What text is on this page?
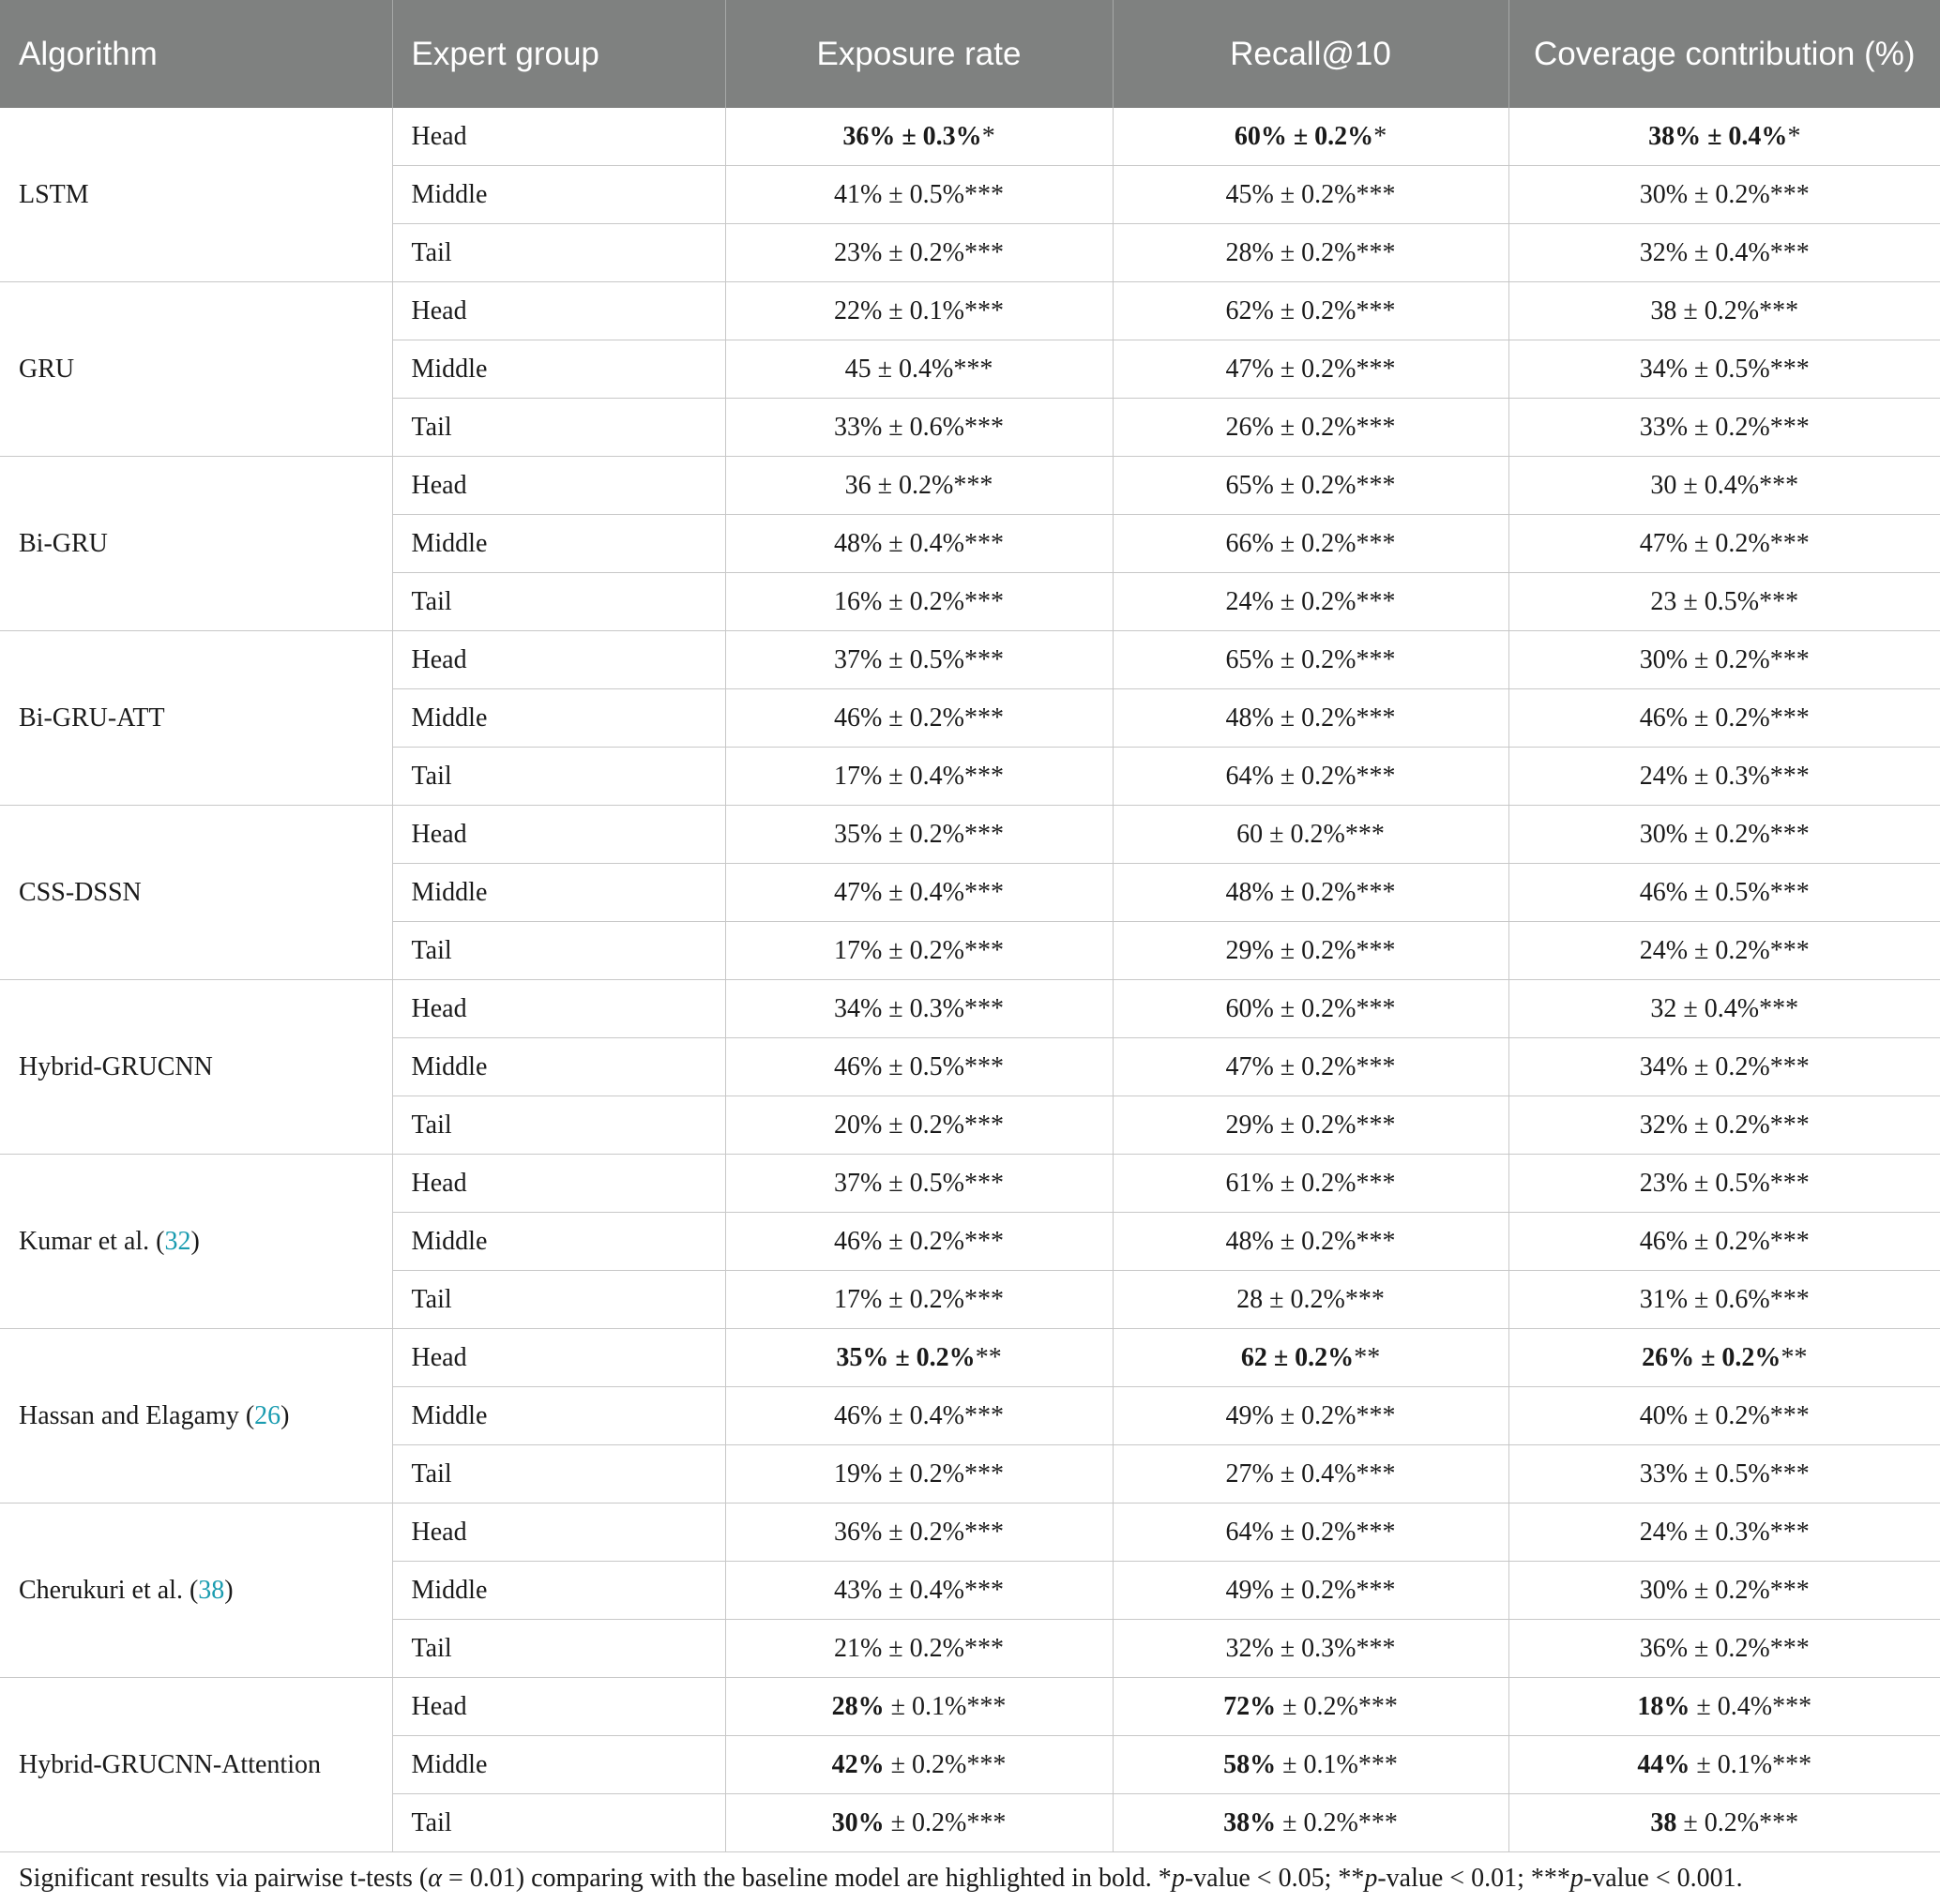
Algorithm	Expert group	Exposure rate	Recall@10	Coverage contribution (%)
LSTM	Head	36% ± 0.3%*	60% ± 0.2%*	38% ± 0.4%*
	Middle	41% ± 0.5%***	45% ± 0.2%***	30% ± 0.2%***
	Tail	23% ± 0.2%***	28% ± 0.2%***	32% ± 0.4%***
GRU	Head	22% ± 0.1%***	62% ± 0.2%***	38 ± 0.2%***
	Middle	45 ± 0.4%***	47% ± 0.2%***	34% ± 0.5%***
	Tail	33% ± 0.6%***	26% ± 0.2%***	33% ± 0.2%***
Bi-GRU	Head	36 ± 0.2%***	65% ± 0.2%***	30 ± 0.4%***
	Middle	48% ± 0.4%***	66% ± 0.2%***	47% ± 0.2%***
	Tail	16% ± 0.2%***	24% ± 0.2%***	23 ± 0.5%***
Bi-GRU-ATT	Head	37% ± 0.5%***	65% ± 0.2%***	30% ± 0.2%***
	Middle	46% ± 0.2%***	48% ± 0.2%***	46% ± 0.2%***
	Tail	17% ± 0.4%***	64% ± 0.2%***	24% ± 0.3%***
CSS-DSSN	Head	35% ± 0.2%***	60 ± 0.2%***	30% ± 0.2%***
	Middle	47% ± 0.4%***	48% ± 0.2%***	46% ± 0.5%***
	Tail	17% ± 0.2%***	29% ± 0.2%***	24% ± 0.2%***
Hybrid-GRUCNN	Head	34% ± 0.3%***	60% ± 0.2%***	32 ± 0.4%***
	Middle	46% ± 0.5%***	47% ± 0.2%***	34% ± 0.2%***
	Tail	20% ± 0.2%***	29% ± 0.2%***	32% ± 0.2%***
Kumar et al. (32)	Head	37% ± 0.5%***	61% ± 0.2%***	23% ± 0.5%***
	Middle	46% ± 0.2%***	48% ± 0.2%***	46% ± 0.2%***
	Tail	17% ± 0.2%***	28 ± 0.2%***	31% ± 0.6%***
Hassan and Elagamy (26)	Head	35% ± 0.2%**	62 ± 0.2%**	26% ± 0.2%**
	Middle	46% ± 0.4%***	49% ± 0.2%***	40% ± 0.2%***
	Tail	19% ± 0.2%***	27% ± 0.4%***	33% ± 0.5%***
Cherukuri et al. (38)	Head	36% ± 0.2%***	64% ± 0.2%***	24% ± 0.3%***
	Middle	43% ± 0.4%***	49% ± 0.2%***	30% ± 0.2%***
	Tail	21% ± 0.2%***	32% ± 0.3%***	36% ± 0.2%***
Hybrid-GRUCNN-Attention	Head	28% ± 0.1%***	72% ± 0.2%***	18% ± 0.4%***
	Middle	42% ± 0.2%***	58% ± 0.1%***	44% ± 0.1%***
	Tail	30% ± 0.2%***	38% ± 0.2%***	38 ± 0.2%***
Significant results via pairwise t-tests (α = 0.01) comparing with the baseline model are highlighted in bold. *p-value < 0.05; **p-value < 0.01; ***p-value < 0.001.
